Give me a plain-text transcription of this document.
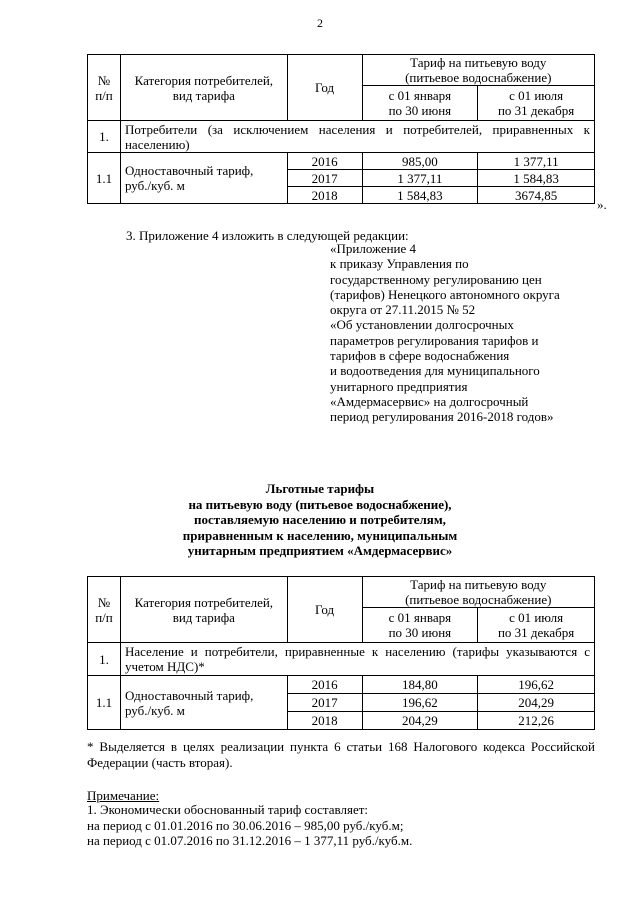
2
№
п/п	Категория потребителей,
вид тарифа	Год	Тариф на питьевую воду
(питьевое водоснабжение)	
			с 01 января
по 30 июня	с 01 июля
по 31 декабря
1.	Потребители (за исключением населения и потребителей, приравненных к населению)			
1.1	Одноставочный тариф,
руб./куб. м	2016	985,00	1 377,11
		2017	1 377,11	1 584,83
		2018	1 584,83	3674,85
».
3. Приложение 4 изложить в следующей редакции:
«Приложение 4
к приказу Управления по
государственному регулированию цен
(тарифов) Ненецкого автономного округа
округа от 27.11.2015 № 52
«Об установлении долгосрочных
параметров регулирования тарифов и
тарифов в сфере водоснабжения
и водоотведения для муниципального
унитарного предприятия
«Амдермасервис» на долгосрочный
период регулирования 2016-2018 годов»
Льготные тарифы
на питьевую воду (питьевое водоснабжение),
поставляемую населению и потребителям,
приравненным к населению, муниципальным
унитарным предприятием «Амдермасервис»
№
п/п	Категория потребителей,
вид тарифа	Год	Тариф на питьевую воду
(питьевое водоснабжение)	
			с 01 января
по 30 июня	с 01 июля
по 31 декабря
1.	Население и потребители, приравненные к населению (тарифы указываются с учетом НДС)*			
1.1	Одноставочный тариф,
руб./куб. м	2016	184,80	196,62
		2017	196,62	204,29
		2018	204,29	212,26
* Выделяется в целях реализации пункта 6 статьи 168 Налогового кодекса Российской Федерации (часть вторая).
Примечание:
1. Экономически обоснованный тариф составляет:
на период с 01.01.2016 по 30.06.2016 – 985,00 руб./куб.м;
на период с 01.07.2016 по 31.12.2016 – 1 377,11 руб./куб.м.
